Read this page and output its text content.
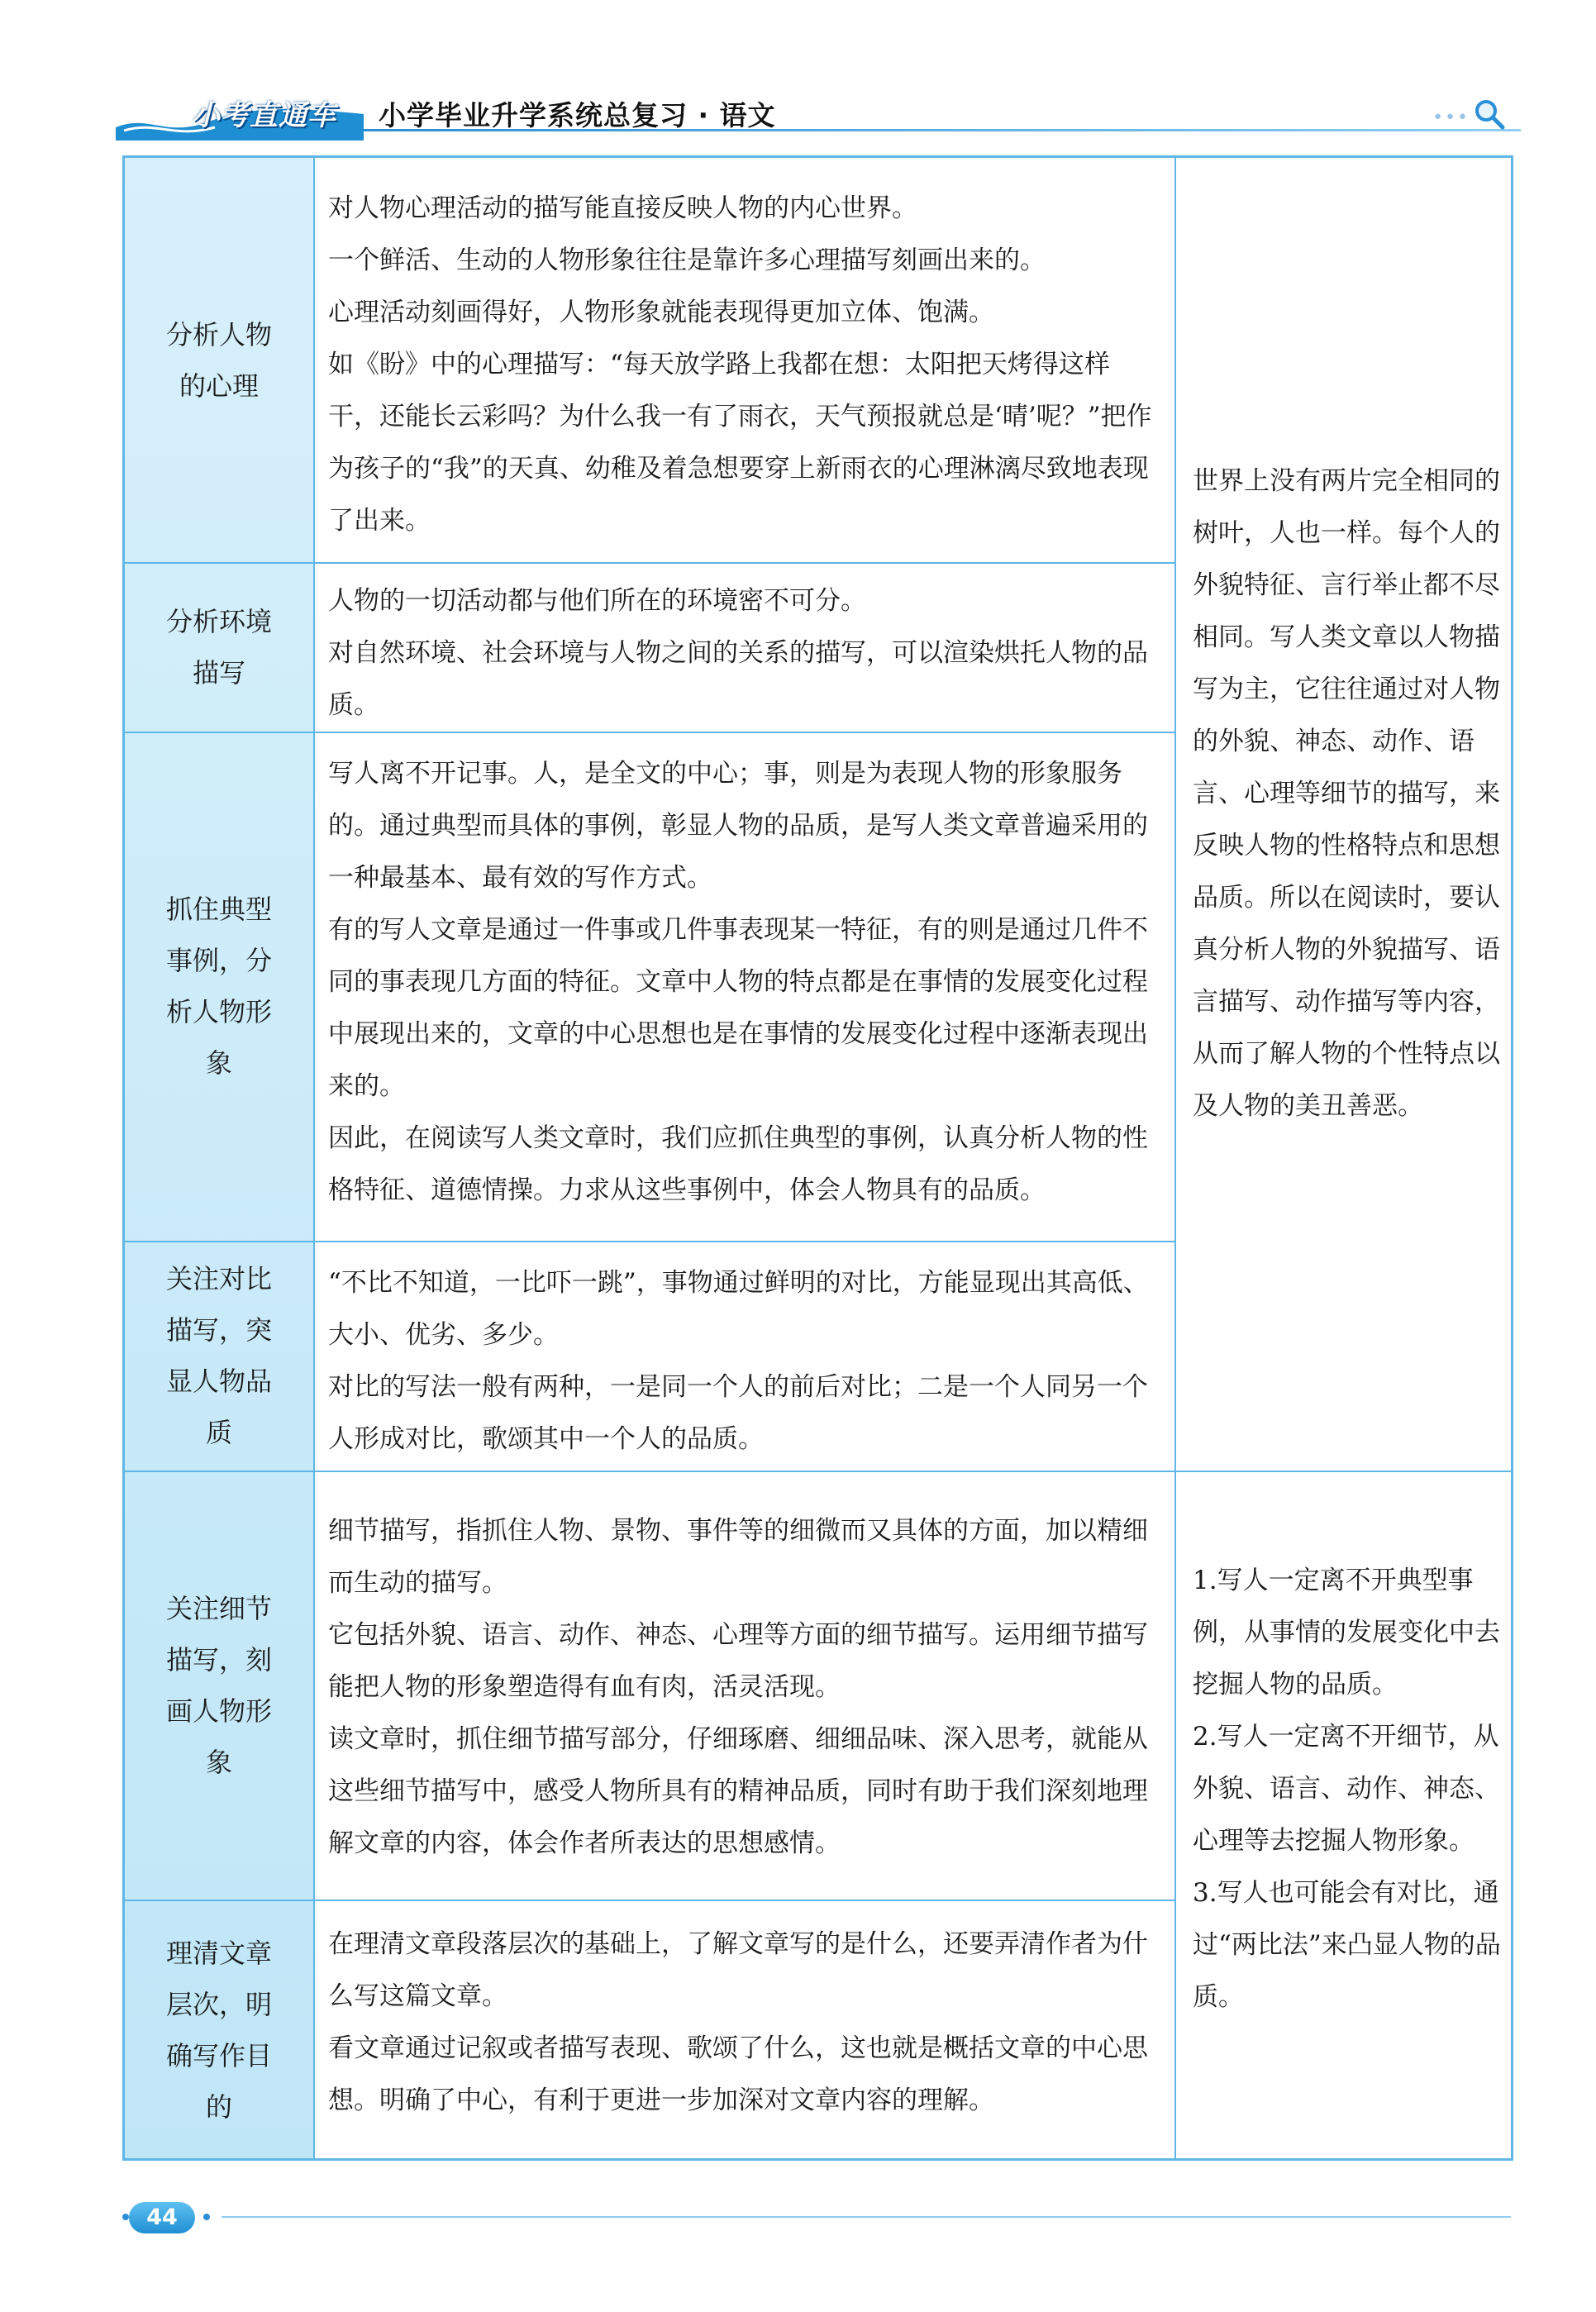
小考直通车 小学毕业升学系统总复习 · 语文	•••
分析人物的心理

对人物心理活动的描写能直接反映人物的内心世界。

一个鲜活、生动的人物形象往往是靠许多心理描写刻画出来的。

心理活动刻画得好，人物形象就能表现得更加立体、饱满。

如《盼》中的心理描写：“每天放学路上我都在想：太阳把天烤得这样干，还能长云彩吗？为什么我一有了雨衣，天气预报就总是‘晴’呢？”把作为孩子的“我”的天真、幼稚及着急想要穿上新雨衣的心理淋漓尽致地表现了出来。

分析环境描写

人物的一切活动都与他们所在的环境密不可分。

对自然环境、社会环境与人物之间的关系的描写，可以渲染烘托人物的品质。

抓住典型事例，分析人物形象

写人离不开记事。人，是全文的中心；事，则是为表现人物的形象服务的。通过典型而具体的事例，彰显人物的品质，是写人类文章普遍采用的一种最基本、最有效的写作方式。

有的写人文章是通过一件事或几件事表现某一特征，有的则是通过几件不同的事表现几方面的特征。文章中人物的特点都是在事情的发展变化过程中展现出来的，文章的中心思想也是在事情的发展变化过程中逐渐表现出来的。

因此，在阅读写人类文章时，我们应抓住典型的事例，认真分析人物的性格特征、道德情操。力求从这些事例中，体会人物具有的品质。

关注对比描写，突显人物品质

“不比不知道，一比吓一跳”，事物通过鲜明的对比，方能显现出其高低、大小、优劣、多少。

对比的写法一般有两种，一是同一个人的前后对比；二是一个人同另一个人形成对比，歌颂其中一个人的品质。

关注细节描写，刻画人物形象

细节描写，指抓住人物、景物、事件等的细微而又具体的方面，加以精细而生动的描写。

它包括外貌、语言、动作、神态、心理等方面的细节描写。运用细节描写能把人物的形象塑造得有血有肉，活灵活现。

读文章时，抓住细节描写部分，仔细琢磨、细细品味、深入思考，就能从这些细节描写中，感受人物所具有的精神品质，同时有助于我们深刻地理解文章的内容，体会作者所表达的思想感情。

理清文章层次，明确写作目的

在理清文章段落层次的基础上，了解文章写的是什么，还要弄清作者为什么写这篇文章。

看文章通过记叙或者描写表现、歌颂了什么，这也就是概括文章的中心思想。明确了中心，有利于更进一步加深对文章内容的理解。

世界上没有两片完全相同的树叶，人也一样。每个人的外貌特征、言行举止都不尽相同。写人类文章以人物描写为主，它往往通过对人物的外貌、神态、动作、语言、心理等细节的描写，来反映人物的性格特点和思想品质。所以在阅读时，要认真分析人物的外貌描写、语言描写、动作描写等内容，从而了解人物的个性特点以及人物的美丑善恶。

1.写人一定离不开典型事例，从事情的发展变化中去挖掘人物的品质。

2.写人一定离不开细节，从外貌、语言、动作、神态、心理等去挖掘人物形象。

3.写人也可能会有对比，通过“两比法”来凸显人物的品质。

44
